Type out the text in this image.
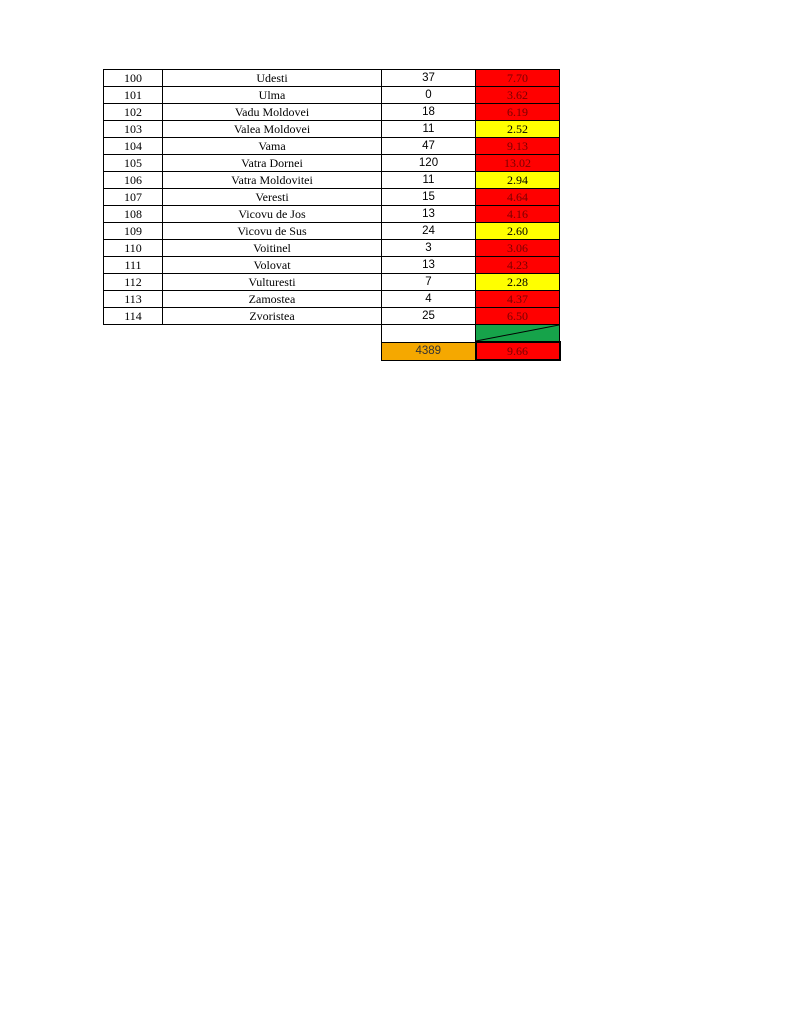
100	Udesti	37	7.70
101	Ulma	0	3.62
102	Vadu Moldovei	18	6.19
103	Valea Moldovei	11	2.52
104	Vama	47	9.13
105	Vatra Dornei	120	13.02
106	Vatra Moldovitei	11	2.94
107	Veresti	15	4.64
108	Vicovu de Jos	13	4.16
109	Vicovu de Sus	24	2.60
110	Voitinel	3	3.06
111	Volovat	13	4.23
112	Vulturesti	7	2.28
113	Zamostea	4	4.37
114	Zvoristea	25	6.50

		4389	9.66
